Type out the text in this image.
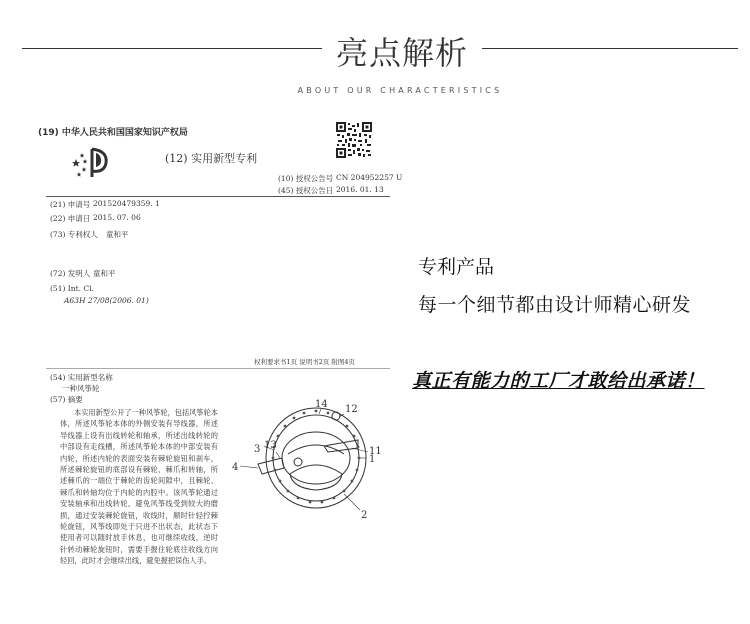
亮点解析
ABOUT OUR CHARACTERISTICS
(19) 中华人民共和国国家知识产权局
(12) 实用新型专利
(10) 授权公告号 CN 204952257 U
(45) 授权公告日 2016. 01. 13
(21) 申请号 201520479359. 1
(22) 申请日 2015. 07. 06
(73) 专利权人 童和平
(72) 发明人 童和平
(51) Int. Cl.
A63H 27/08(2006. 01)
权利要求书1页 说明书2页 附图4页
(54) 实用新型名称
一种风筝轮
(57) 摘要
本实用新型公开了一种风筝轮，包括风筝轮本体，所述风筝轮本体的外侧安装有导线器，所述导线器上设有出线转轮和轴承，所述出线转轮的中部设有走线槽，所述风筝轮本体的中部安装有内轮，所述内轮的表面安装有棘轮旋钮和刹车，所述棘轮旋钮的底部设有棘轮、棘爪和转轴，所述棘爪的一端位于棘轮的齿轮间隙中，且棘轮、棘爪和转轴均位于内轮的内腔中。该风筝轮通过安装轴承和出线转轮，避免风筝线受到较大的磨损，通过安装棘轮旋钮，收线时，顺时针轻拧棘轮旋钮，风筝线即处于只进不出状态，此状态下使用者可以随时放手休息，也可继续收线，逆时针转动棘轮旋钮时，需要手握住轮底往收线方向轻回，此时才会继续出线，避免握把误伤人手。
14 12
13
1
3	11
4
2
专利产品
每一个细节都由设计师精心研发
真正有能力的工厂才敢给出承诺！
